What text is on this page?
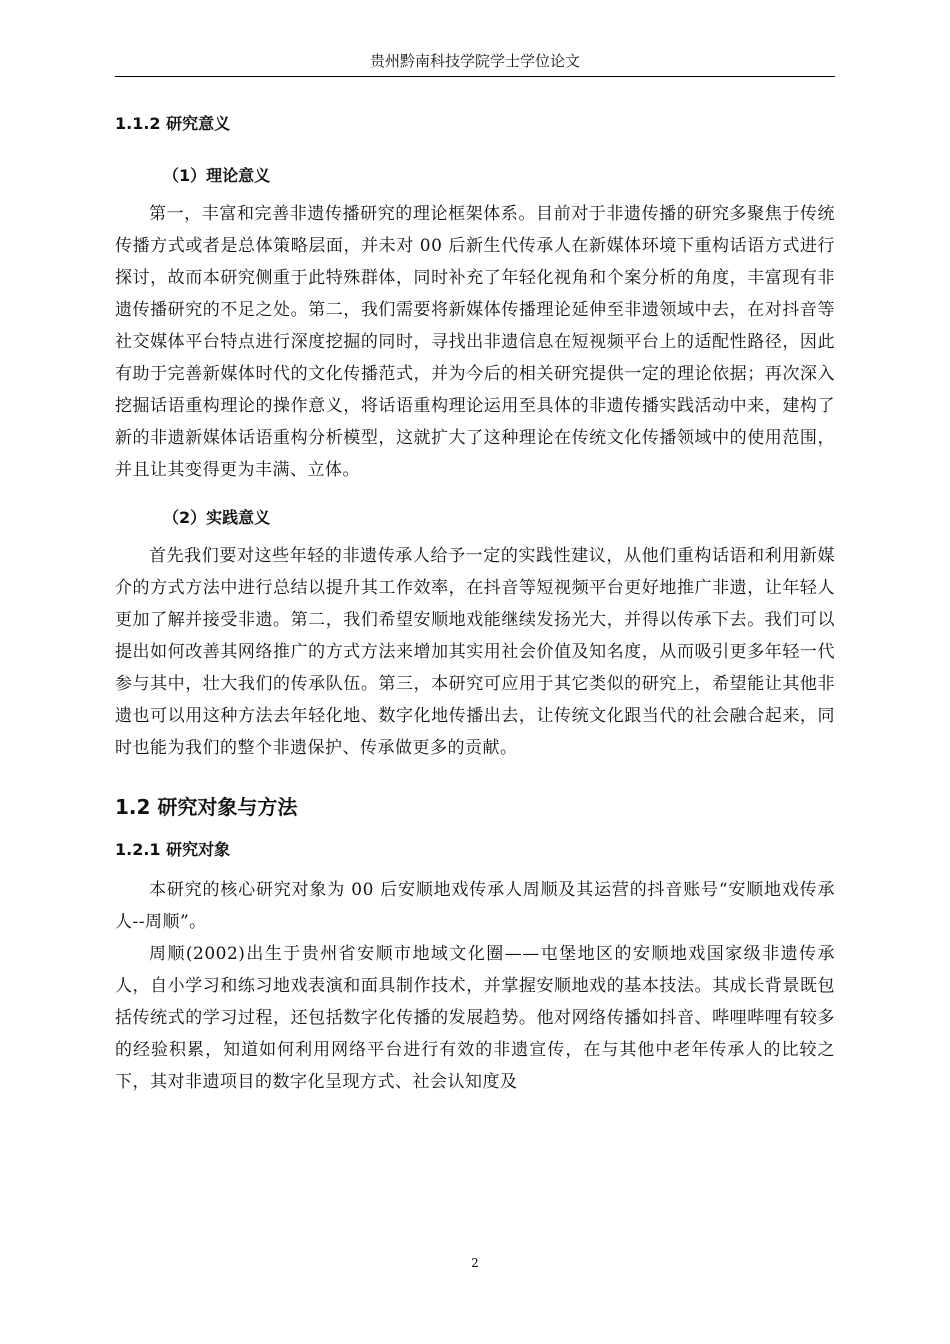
贵州黔南科技学院学士学位论文
1.1.2 研究意义
（1）理论意义

第一，丰富和完善非遗传播研究的理论框架体系。目前对于非遗传播的研究多聚焦于传统传播方式或者是总体策略层面，并未对 00 后新生代传承人在新媒体环境下重构话语方式进行探讨，故而本研究侧重于此特殊群体，同时补充了年轻化视角和个案分析的角度，丰富现有非遗传播研究的不足之处。第二，我们需要将新媒体传播理论延伸至非遗领域中去，在对抖音等社交媒体平台特点进行深度挖掘的同时，寻找出非遗信息在短视频平台上的适配性路径，因此有助于完善新媒体时代的文化传播范式，并为今后的相关研究提供一定的理论依据；再次深入挖掘话语重构理论的操作意义，将话语重构理论运用至具体的非遗传播实践活动中来，建构了新的非遗新媒体话语重构分析模型，这就扩大了这种理论在传统文化传播领域中的使用范围，并且让其变得更为丰满、立体。

（2）实践意义

首先我们要对这些年轻的非遗传承人给予一定的实践性建议，从他们重构话语和利用新媒介的方式方法中进行总结以提升其工作效率，在抖音等短视频平台更好地推广非遗，让年轻人更加了解并接受非遗。第二，我们希望安顺地戏能继续发扬光大，并得以传承下去。我们可以提出如何改善其网络推广的方式方法来增加其实用社会价值及知名度，从而吸引更多年轻一代参与其中，壮大我们的传承队伍。第三，本研究可应用于其它类似的研究上，希望能让其他非遗也可以用这种方法去年轻化地、数字化地传播出去，让传统文化跟当代的社会融合起来，同时也能为我们的整个非遗保护、传承做更多的贡献。

1.2 研究对象与方法
1.2.1 研究对象

本研究的核心研究对象为 00 后安顺地戏传承人周顺及其运营的抖音账号“安顺地戏传承人--周顺”。

周顺(2002)出生于贵州省安顺市地域文化圈——屯堡地区的安顺地戏国家级非遗传承人，自小学习和练习地戏表演和面具制作技术，并掌握安顺地戏的基本技法。其成长背景既包括传统式的学习过程，还包括数字化传播的发展趋势。他对网络传播如抖音、哔哩哔哩有较多的经验积累，知道如何利用网络平台进行有效的非遗宣传，在与其他中老年传承人的比较之下，其对非遗项目的数字化呈现方式、社会认知度及

2
